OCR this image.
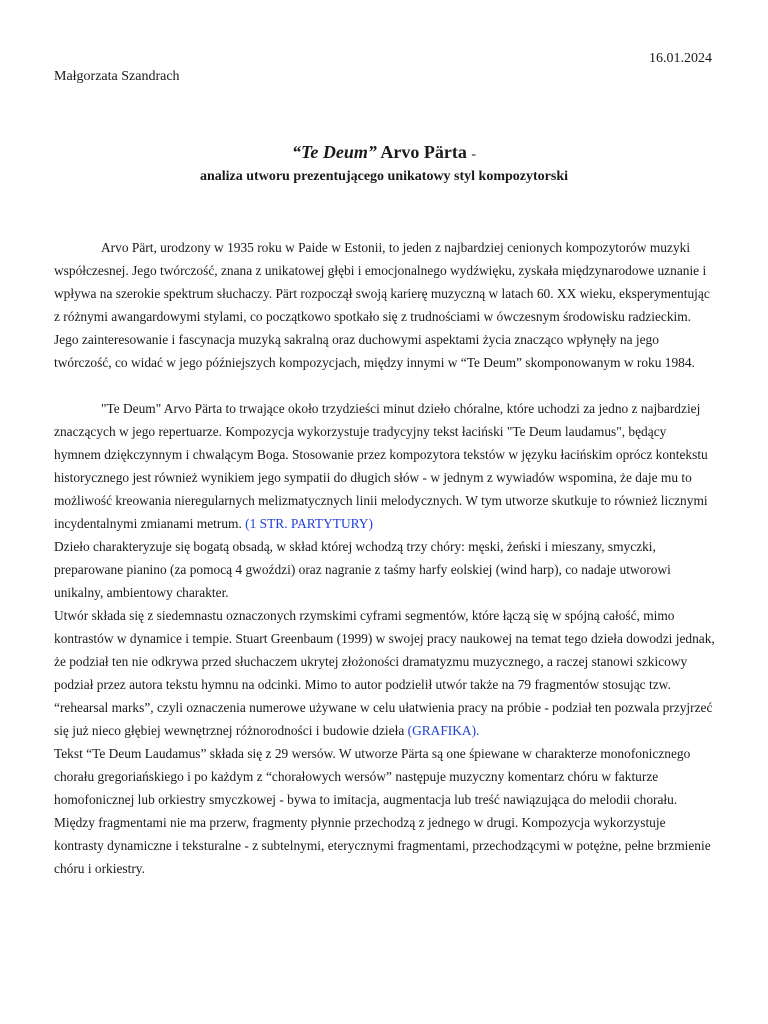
16.01.2024
Małgorzata Szandrach

“Te Deum” Arvo Pärta -

analiza utworu prezentującego unikatowy styl kompozytorski

Arvo Pärt, urodzony w 1935 roku w Paide w Estonii, to jeden z najbardziej cenionych kompozytorów muzyki współczesnej. Jego twórczość, znana z unikatowej głębi i emocjonalnego wydźwięku, zyskała międzynarodowe uznanie i wpływa na szerokie spektrum słuchaczy. Pärt rozpoczął swoją karierę muzyczną w latach 60. XX wieku, eksperymentując z różnymi awangardowymi stylami, co początkowo spotkało się z trudnościami w ówczesnym środowisku radzieckim. Jego zainteresowanie i fascynacja muzyką sakralną oraz duchowymi aspektami życia znacząco wpłynęły na jego twórczość, co widać w jego późniejszych kompozycjach, między innymi w “Te Deum” skomponowanym w roku 1984.

"Te Deum" Arvo Pärta to trwające około trzydzieści minut dzieło chóralne, które uchodzi za jedno z najbardziej znaczących w jego repertuarze. Kompozycja wykorzystuje tradycyjny tekst łaciński "Te Deum laudamus", będący hymnem dziękczynnym i chwalącym Boga. Stosowanie przez kompozytora tekstów w języku łacińskim oprócz kontekstu historycznego jest również wynikiem jego sympatii do długich słów - w jednym z wywiadów wspomina, że daje mu to możliwość kreowania nieregularnych melizmatycznych linii melodycznych. W tym utworze skutkuje to również licznymi incydentalnymi zmianami metrum. (1 STR. PARTYTURY)

Dzieło charakteryzuje się bogatą obsadą, w skład której wchodzą trzy chóry: męski, żeński i mieszany, smyczki, preparowane pianino (za pomocą 4 gwoździ) oraz nagranie z taśmy harfy eolskiej (wind harp), co nadaje utworowi unikalny, ambientowy charakter.

Utwór składa się z siedemnastu oznaczonych rzymskimi cyframi segmentów, które łączą się w spójną całość, mimo kontrastów w dynamice i tempie. Stuart Greenbaum (1999) w swojej pracy naukowej na temat tego dzieła dowodzi jednak, że podział ten nie odkrywa przed słuchaczem ukrytej złożoności dramatyzmu muzycznego, a raczej stanowi szkicowy podział przez autora tekstu hymnu na odcinki. Mimo to autor podzielił utwór także na 79 fragmentów stosując tzw. “rehearsal marks”, czyli oznaczenia numerowe używane w celu ułatwienia pracy na próbie - podział ten pozwala przyjrzeć się już nieco głębiej wewnętrznej różnorodności i budowie dzieła (GRAFIKA).

Tekst “Te Deum Laudamus” składa się z 29 wersów. W utworze Pärta są one śpiewane w charakterze monofonicznego chorału gregoriańskiego i po każdym z “chorałowych wersów” następuje muzyczny komentarz chóru w fakturze homofonicznej lub orkiestry smyczkowej - bywa to imitacja, augmentacja lub treść nawiązująca do melodii chorału. Między fragmentami nie ma przerw, fragmenty płynnie przechodzą z jednego w drugi. Kompozycja wykorzystuje kontrasty dynamiczne i teksturalne - z subtelnymi, eterycznymi fragmentami, przechodzącymi w potężne, pełne brzmienie chóru i orkiestry.
